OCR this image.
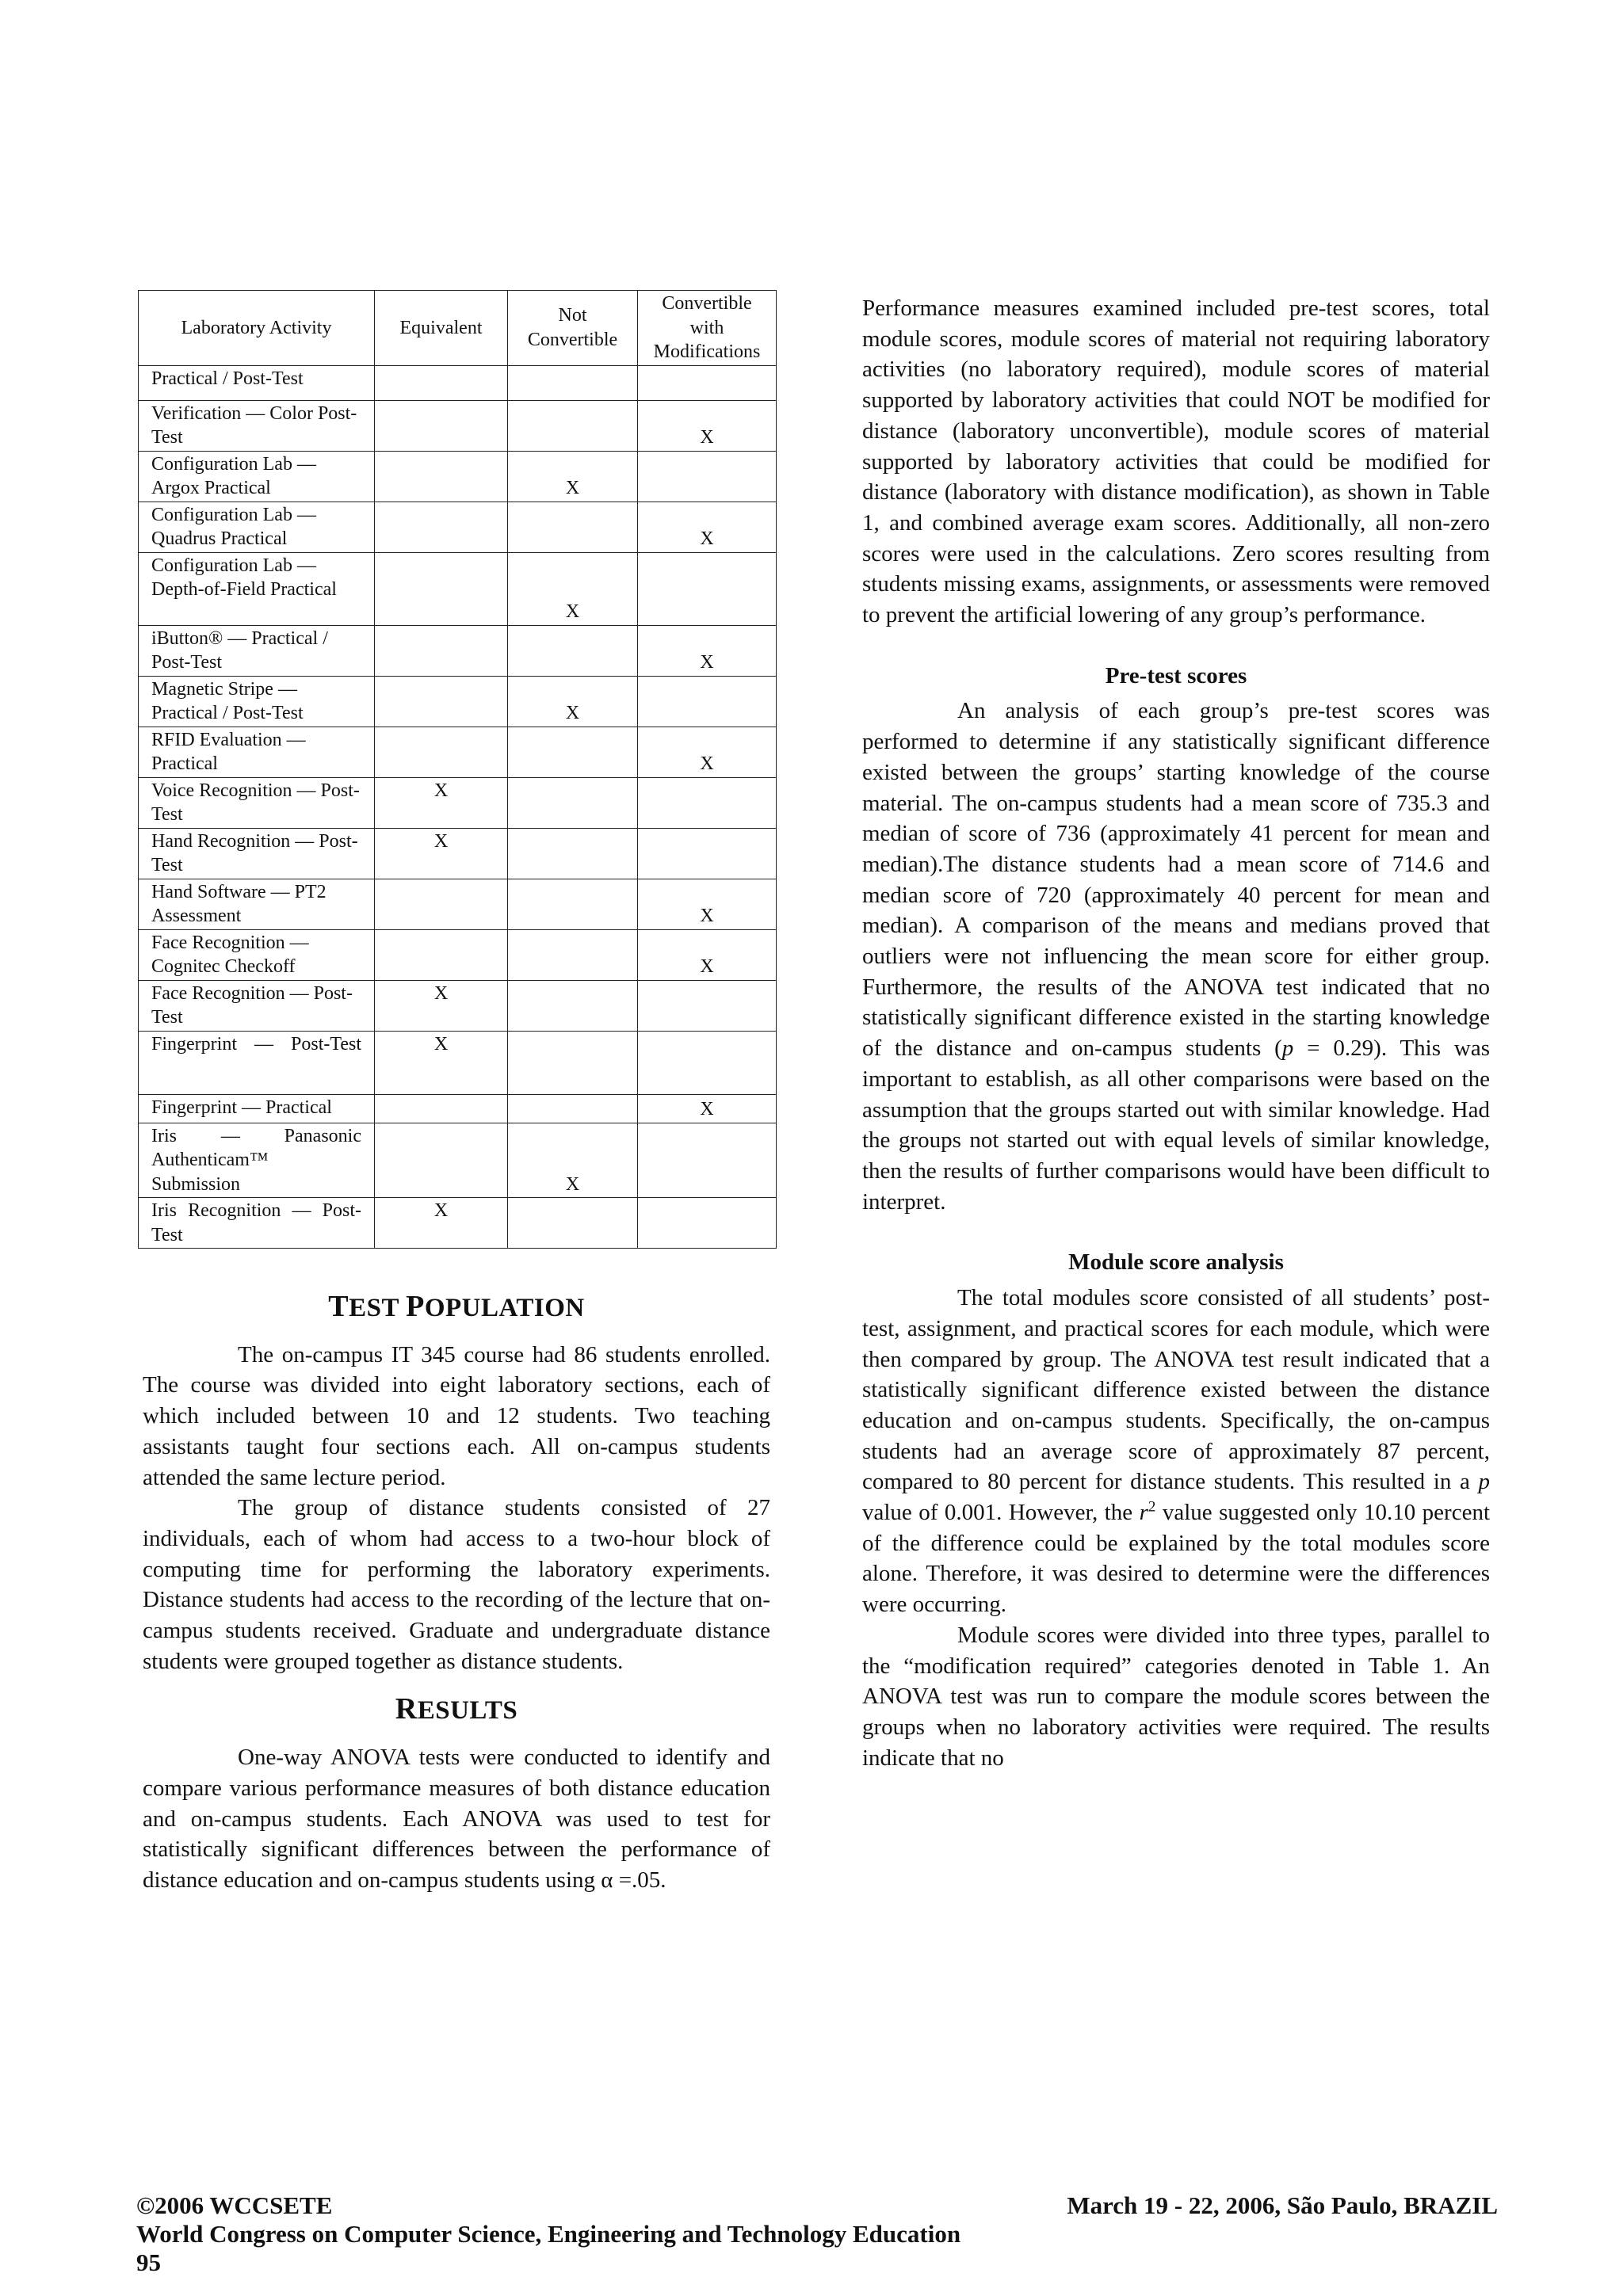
Laboratory Activity	Equivalent	Not Convertible	Convertible with Modifications
Practical / Post-Test			
Verification — Color Post-Test			X
Configuration Lab — Argox Practical		X	
Configuration Lab — Quadrus Practical			X
Configuration Lab — Depth-of-Field Practical		X	
iButton® — Practical / Post-Test			X
Magnetic Stripe — Practical / Post-Test		X	
RFID Evaluation — Practical			X
Voice Recognition — Post-Test	X		
Hand Recognition — Post-Test	X		
Hand Software — PT2 Assessment			X
Face Recognition — Cognitec Checkoff			X
Face Recognition — Post-Test	X		
Fingerprint — Post-Test	X		
Fingerprint — Practical			X
Iris — Panasonic Authenticam™ Submission		X	
Iris Recognition — Post-Test	X		

TEST POPULATION

The on-campus IT 345 course had 86 students enrolled. The course was divided into eight laboratory sections, each of which included between 10 and 12 students. Two teaching assistants taught four sections each. All on-campus students attended the same lecture period.

The group of distance students consisted of 27 individuals, each of whom had access to a two-hour block of computing time for performing the laboratory experiments. Distance students had access to the recording of the lecture that on-campus students received. Graduate and undergraduate distance students were grouped together as distance students.

RESULTS

One-way ANOVA tests were conducted to identify and compare various performance measures of both distance education and on-campus students. Each ANOVA was used to test for statistically significant differences between the performance of distance education and on-campus students using α =.05.

Performance measures examined included pre-test scores, total module scores, module scores of material not requiring laboratory activities (no laboratory required), module scores of material supported by laboratory activities that could NOT be modified for distance (laboratory unconvertible), module scores of material supported by laboratory activities that could be modified for distance (laboratory with distance modification), as shown in Table 1, and combined average exam scores. Additionally, all non-zero scores were used in the calculations. Zero scores resulting from students missing exams, assignments, or assessments were removed to prevent the artificial lowering of any group’s performance.

Pre-test scores

An analysis of each group’s pre-test scores was performed to determine if any statistically significant difference existed between the groups’ starting knowledge of the course material. The on-campus students had a mean score of 735.3 and median of score of 736 (approximately 41 percent for mean and median).The distance students had a mean score of 714.6 and median score of 720 (approximately 40 percent for mean and median). A comparison of the means and medians proved that outliers were not influencing the mean score for either group. Furthermore, the results of the ANOVA test indicated that no statistically significant difference existed in the starting knowledge of the distance and on-campus students (p = 0.29). This was important to establish, as all other comparisons were based on the assumption that the groups started out with similar knowledge. Had the groups not started out with equal levels of similar knowledge, then the results of further comparisons would have been difficult to interpret.

Module score analysis

The total modules score consisted of all students’ post-test, assignment, and practical scores for each module, which were then compared by group. The ANOVA test result indicated that a statistically significant difference existed between the distance education and on-campus students. Specifically, the on-campus students had an average score of approximately 87 percent, compared to 80 percent for distance students. This resulted in a p value of 0.001. However, the $r^2$ value suggested only 10.10 percent of the difference could be explained by the total modules score alone. Therefore, it was desired to determine were the differences were occurring.

Module scores were divided into three types, parallel to the “modification required” categories denoted in Table 1. An ANOVA test was run to compare the module scores between the groups when no laboratory activities were required. The results indicate that no

©2006 WCCSETE	March 19 - 22, 2006, São Paulo, BRAZIL
World Congress on Computer Science, Engineering and Technology Education
95
